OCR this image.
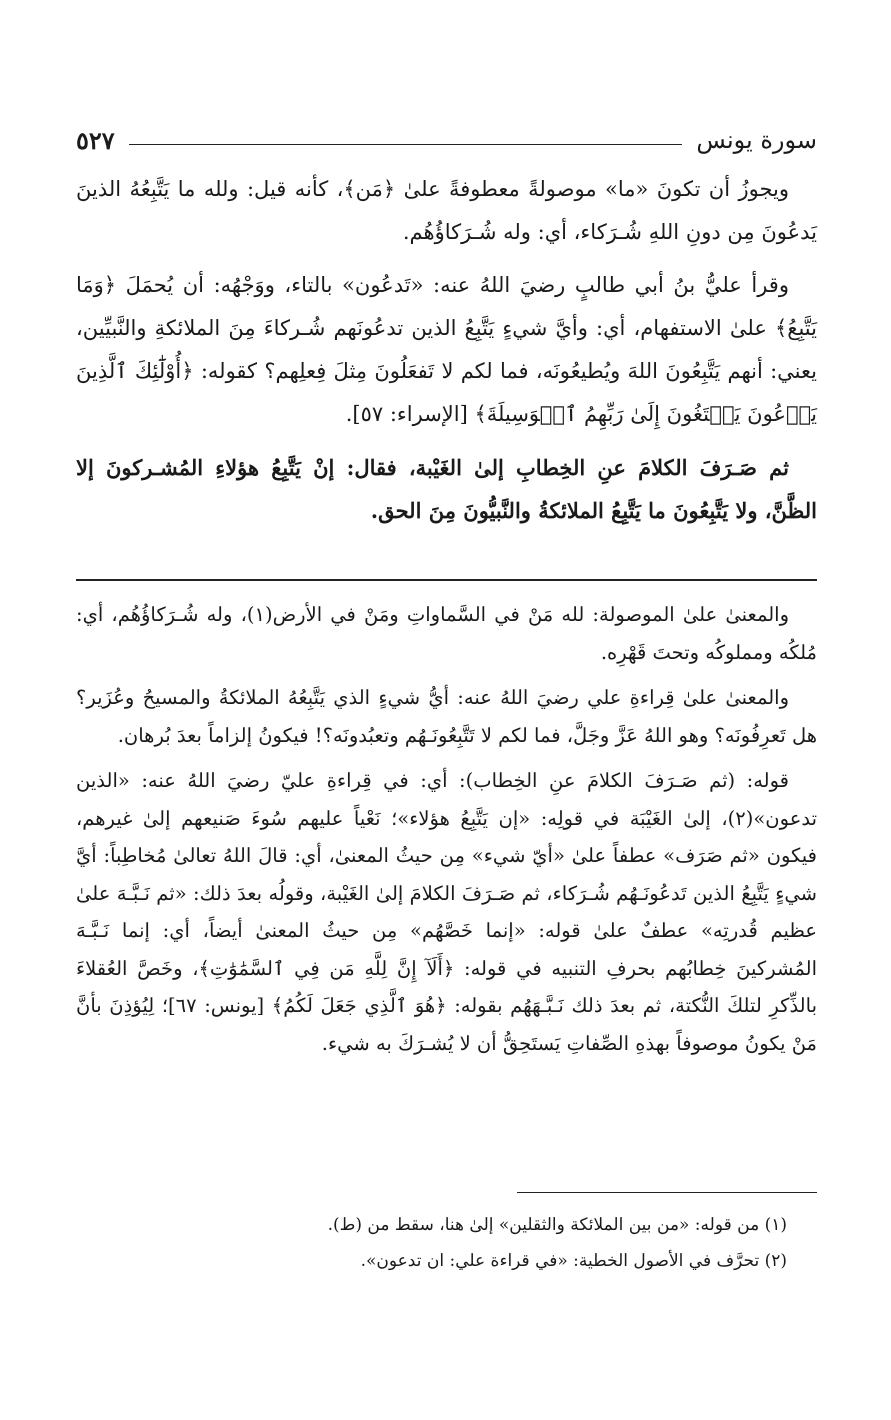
سورة يونس
٥٢٧

ويجوزُ أن تكونَ «ما» موصولةً معطوفةً علىٰ ﴿مَن﴾، كأنه قيل: ولله ما يَتَّبِعُهُ الذينَ يَدعُونَ مِن دونِ اللهِ شُـرَكاء، أي: وله شُـرَكاؤُهُم.

وقرأ عليُّ بنُ أبي طالبٍ رضيَ اللهُ عنه: «تَدعُون» بالتاء، ووَجْهُه: أن يُحمَلَ ﴿وَمَا يَتَّبِعُ﴾ علىٰ الاستفهام، أي: وأيَّ شيءٍ يَتَّبِعُ الذين تدعُونَهم شُـركاءَ مِنَ الملائكةِ والنَّبيِّين، يعني: أنهم يَتَّبِعُونَ اللهَ ويُطيعُونَه، فما لكم لا تَفعَلُونَ مِثلَ فِعلِهم؟ كقوله: ﴿أُوْلَٰٓئِكَ ٱلَّذِينَ يَدۡعُونَ يَبۡتَغُونَ إِلَىٰ رَبِّهِمُ ٱلۡوَسِيلَةَ﴾ [الإسراء: ٥٧].

ثم صَـرَفَ الكلامَ عنِ الخِطابِ إلىٰ الغَيْبة، فقال: إنْ يَتَّبِعُ هؤلاءِ المُشـركونَ إلا الظَّنَّ، ولا يَتَّبِعُونَ ما يَتَّبِعُ الملائكةُ والنَّبيُّونَ مِنَ الحق.

والمعنىٰ علىٰ الموصولة: لله مَنْ في السَّماواتِ ومَنْ في الأرض(١)، وله شُـرَكاؤُهُم، أي: مُلكُه ومملوكُه وتحتَ قَهْرِه.

والمعنىٰ علىٰ قِراءةِ علي رضيَ اللهُ عنه: أيُّ شيءٍ الذي يَتَّبِعُهُ الملائكةُ والمسيحُ وعُزَير؟ هل تَعرِفُونَه؟ وهو اللهُ عَزَّ وجَلَّ، فما لكم لا تَتَّبِعُونَـهُم وتعبُدونَه؟! فيكونُ إلزاماً بعدَ بُرهان.

قوله: (ثم صَـرَفَ الكلامَ عنِ الخِطاب): أي: في قِراءةِ عليّ رضيَ اللهُ عنه: «الذين تدعون»(٢)، إلىٰ الغَيْبَة في قولِه: «إن يَتَّبِعُ هؤلاء»؛ نَعْياً عليهم سُوءَ صَنيعهم إلىٰ غيرهم، فيكون «ثم صَرَف» عطفاً علىٰ «أيّ شيء» مِن حيثُ المعنىٰ، أي: قالَ اللهُ تعالىٰ مُخاطِباً: أيَّ شيءٍ يَتَّبِعُ الذين تَدعُونَـهُم شُـرَكاء، ثم صَـرَفَ الكلامَ إلىٰ الغَيْبة، وقولُه بعدَ ذلك: «ثم نَـبَّـهَ علىٰ عظيم قُدرتِه» عطفٌ علىٰ قوله: «إنما خَصَّهُم» مِن حيثُ المعنىٰ أيضاً، أي: إنما نَـبَّـهَ المُشركينَ خِطابُهم بحرفِ التنبيه في قوله: ﴿أَلَآ إِنَّ لِلَّهِ مَن فِي ٱلسَّمَٰوَٰتِ﴾، وخَصَّ العُقلاءَ بالذِّكرِ لتلكَ النُّكتة، ثم بعدَ ذلك نَـبَّـهَهُم بقوله: ﴿هُوَ ٱلَّذِي جَعَلَ لَكُمُ﴾ [يونس: ٦٧]؛ لِيُؤذِنَ بأنَّ مَنْ يكونُ موصوفاً بهذهِ الصِّفاتِ يَستَحِقُّ أن لا يُشـرَكَ به شيء.

(١) من قوله: «من بين الملائكة والثقلين» إلىٰ هنا، سقط من (ط).
(٢) تحرَّف في الأصول الخطية: «في قراءة علي: ان تدعون».
